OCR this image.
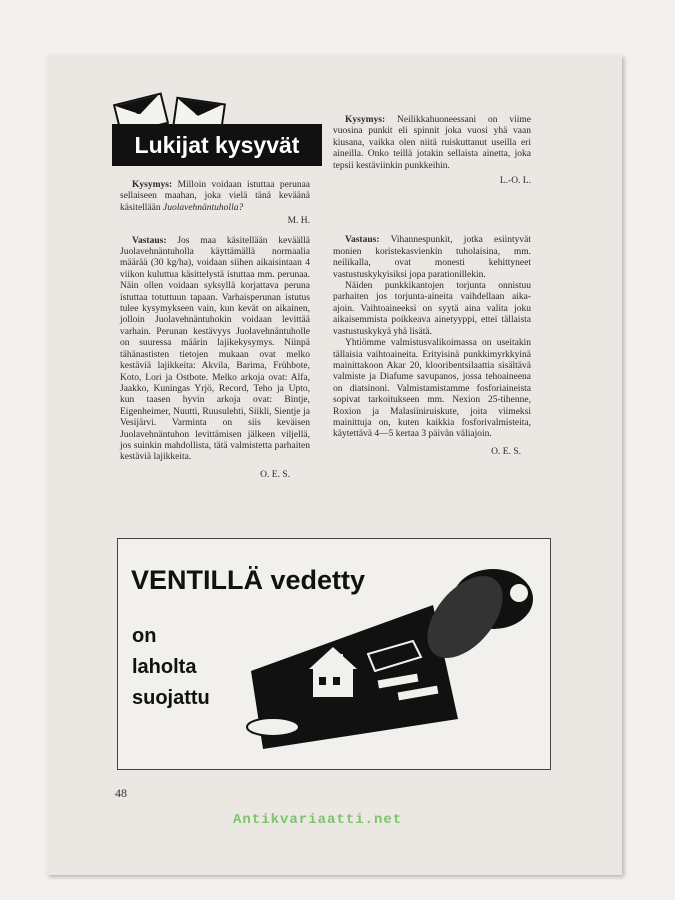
?	?
Lukijat kysyvät

Kysymys: Milloin voidaan istuttaa perunaa sellaiseen maahan, joka vielä tänä keväänä käsitellään Juolavehnäntuholla?

M. H.

Vastaus: Jos maa käsitellään keväällä Juolavehnäntuholla käyttämällä normaalia määrää (30 kg/ha), voidaan siihen aikaisintaan 4 viikon kuluttua käsittelystä istuttaa mm. perunaa. Näin ollen voidaan syksyllä korjattava peruna istuttaa totuttuun tapaan. Varhaisperunan istutus tulee kysymykseen vain, kun kevät on aikainen, jolloin Juolavehnäntuhokin voidaan levittää varhain. Perunan kestävyys Juolavehnäntuholle on suuressa määrin lajikekysymys. Niinpä tähänastisten tietojen mukaan ovat melko kestäviä lajikkeita: Akvila, Barima, Frühbote, Koto, Lori ja Ostbote. Melko arkoja ovat: Alfa, Jaakko, Kuningas Yrjö, Record, Teho ja Upto, kun taasen hyvin arkoja ovat: Bintje, Eigenheimer, Nuutti, Ruusulehti, Siikli, Sientje ja Vesijärvi. Varminta on siis keväisen Juolavehnäntuhon levittämisen jälkeen viljellä, jos suinkin mahdollista, tätä valmistetta parhaiten kestäviä lajikkeita.

O. E. S.

Kysymys: Neilikkahuoneessani on viime vuosina punkit eli spinnit joka vuosi yhä vaan kiusana, vaikka olen niitä ruiskuttanut useilla eri aineilla. Onko teillä jotakin sellaista ainetta, joka tepsii kestäviinkin punkkeihin.

L.-O. L.

Vastaus: Vihannespunkit, jotka esiintyvät monien koristekasvienkin tuholaisina, mm. neilikalla, ovat monesti kehittyneet vastustuskykyisiksi jopa parationillekin.

Näiden punkkikantojen torjunta onnistuu parhaiten jos torjunta-aineita vaihdellaan aika-ajoin. Vaihtoaineeksi on syytä aina valita joku aikaisemmista poikkeava ainetyyppi, ettei tällaista vastustuskykyä yhä lisätä.

Yhtiömme valmistusvalikoimassa on useitakin tällaisia vaihtoaineita. Erityisinä punkkimyrkkyinä mainittakoon Akar 20, klooribentsilaattia sisältävä valmiste ja Diafume savupanos, jossa tehoaineena on diatsinoni. Valmistamistamme fosforiaineista sopivat tarkoitukseen mm. Nexion 25-tihenne, Roxion ja Malasiiniruiskute, joita viimeksi mainittuja on, kuten kaikkia fosforivalmisteita, käytettävä 4—5 kertaa 3 päivän väliajoin.

O. E. S.
VENTILLÄ vedetty
on
laholta
suojattu
48
Antikvariaatti.net
